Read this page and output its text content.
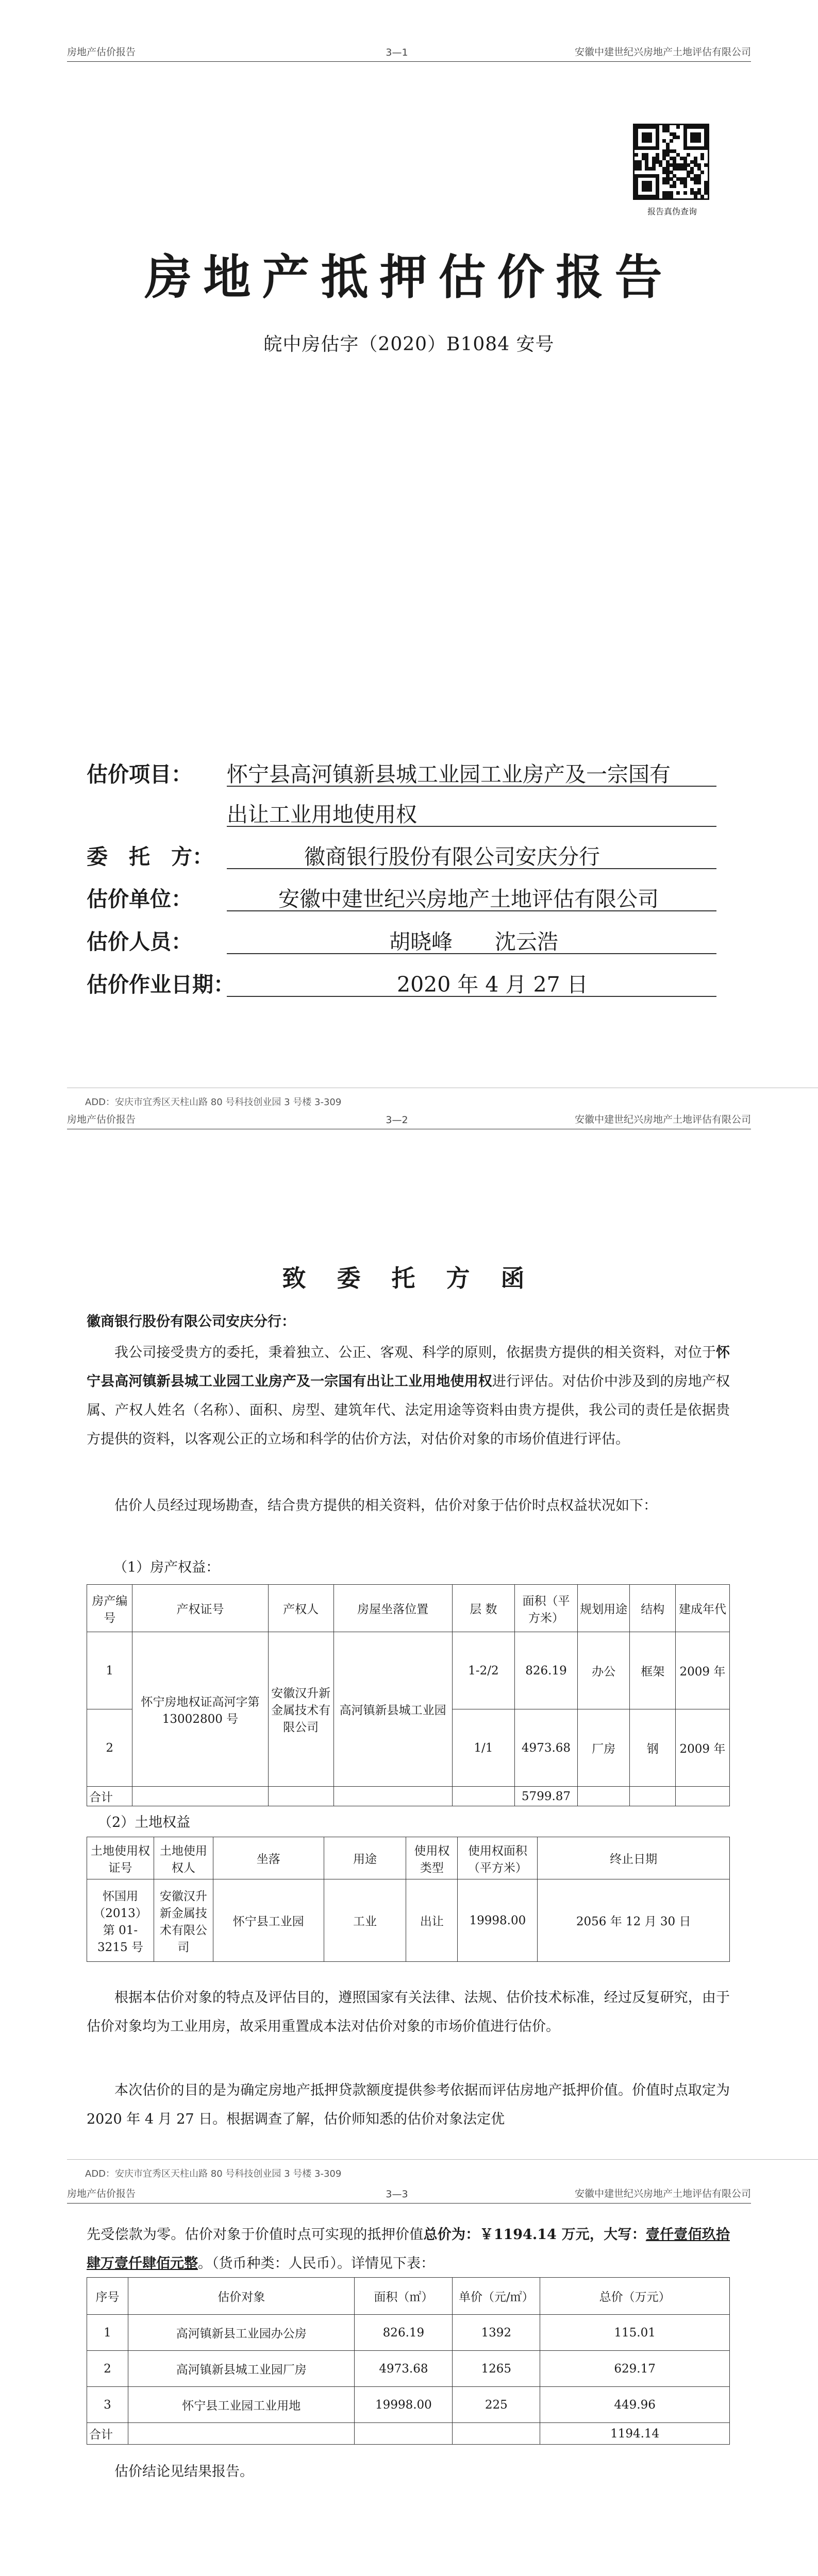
房地产估价报告	3—1	安徽中建世纪兴房地产土地评估有限公司
报告真伪查询
房地产抵押估价报告
皖中房估字（2020）B1084 安号
估价项目： 怀宁县高河镇新县城工业园工业房产及一宗国有
出让工业用地使用权
委　托　方：	徽商银行股份有限公司安庆分行
估价单位：	安徽中建世纪兴房地产土地评估有限公司
估价人员：	胡晓峰 沈云浩
估价作业日期：	2020 年 4 月 27 日
ADD：安庆市宜秀区天柱山路 80 号科技创业园 3 号楼 3-309
房地产估价报告	3—2	安徽中建世纪兴房地产土地评估有限公司
致 委 托 方 函
徽商银行股份有限公司安庆分行：
我公司接受贵方的委托，秉着独立、公正、客观、科学的原则，依据贵方提供的相关资料，对位于怀宁县高河镇新县城工业园工业房产及一宗国有出让工业用地使用权进行评估。对估价中涉及到的房地产权属、产权人姓名（名称）、面积、房型、建筑年代、法定用途等资料由贵方提供，我公司的责任是依据贵方提供的资料，以客观公正的立场和科学的估价方法，对估价对象的市场价值进行评估。
估价人员经过现场勘查，结合贵方提供的相关资料，估价对象于估价时点权益状况如下：
（1）房产权益：
房产编号	产权证号	产权人	房屋坐落位置	层 数	面积（平方米）	规划用途	结构	建成年代
1	怀宁房地权证高河字第 13002800 号	安徽汉升新金属技术有限公司	高河镇新县城工业园	1-2/2	826.19	办公	框架	2009 年
2				1/1	4973.68	厂房	钢	2009 年
合计					5799.87			
（2）土地权益
土地使用权证号	土地使用权人	坐落	用途	使用权类型	使用权面积（平方米）	终止日期
怀国用（2013）第 01-3215 号	安徽汉升新金属技术有限公司	怀宁县工业园	工业	出让	19998.00	2056 年 12 月 30 日
根据本估价对象的特点及评估目的，遵照国家有关法律、法规、估价技术标准，经过反复研究，由于估价对象均为工业用房，故采用重置成本法对估价对象的市场价值进行估价。
本次估价的目的是为确定房地产抵押贷款额度提供参考依据而评估房地产抵押价值。价值时点取定为 2020 年 4 月 27 日。根据调查了解，估价师知悉的估价对象法定优
ADD：安庆市宜秀区天柱山路 80 号科技创业园 3 号楼 3-309
房地产估价报告	3—3	安徽中建世纪兴房地产土地评估有限公司
先受偿款为零。估价对象于价值时点可实现的抵押价值总价为：￥1194.14 万元，大写：壹仟壹佰玖拾肆万壹仟肆佰元整。（货币种类：人民币）。详情见下表：
序号	估价对象	面积（㎡）	单价（元/㎡）	总价（万元）
1	高河镇新县工业园办公房	826.19	1392	115.01
2	高河镇新县城工业园厂房	4973.68	1265	629.17
3	怀宁县工业园工业用地	19998.00	225	449.96
合计				1194.14
估价结论见结果报告。
